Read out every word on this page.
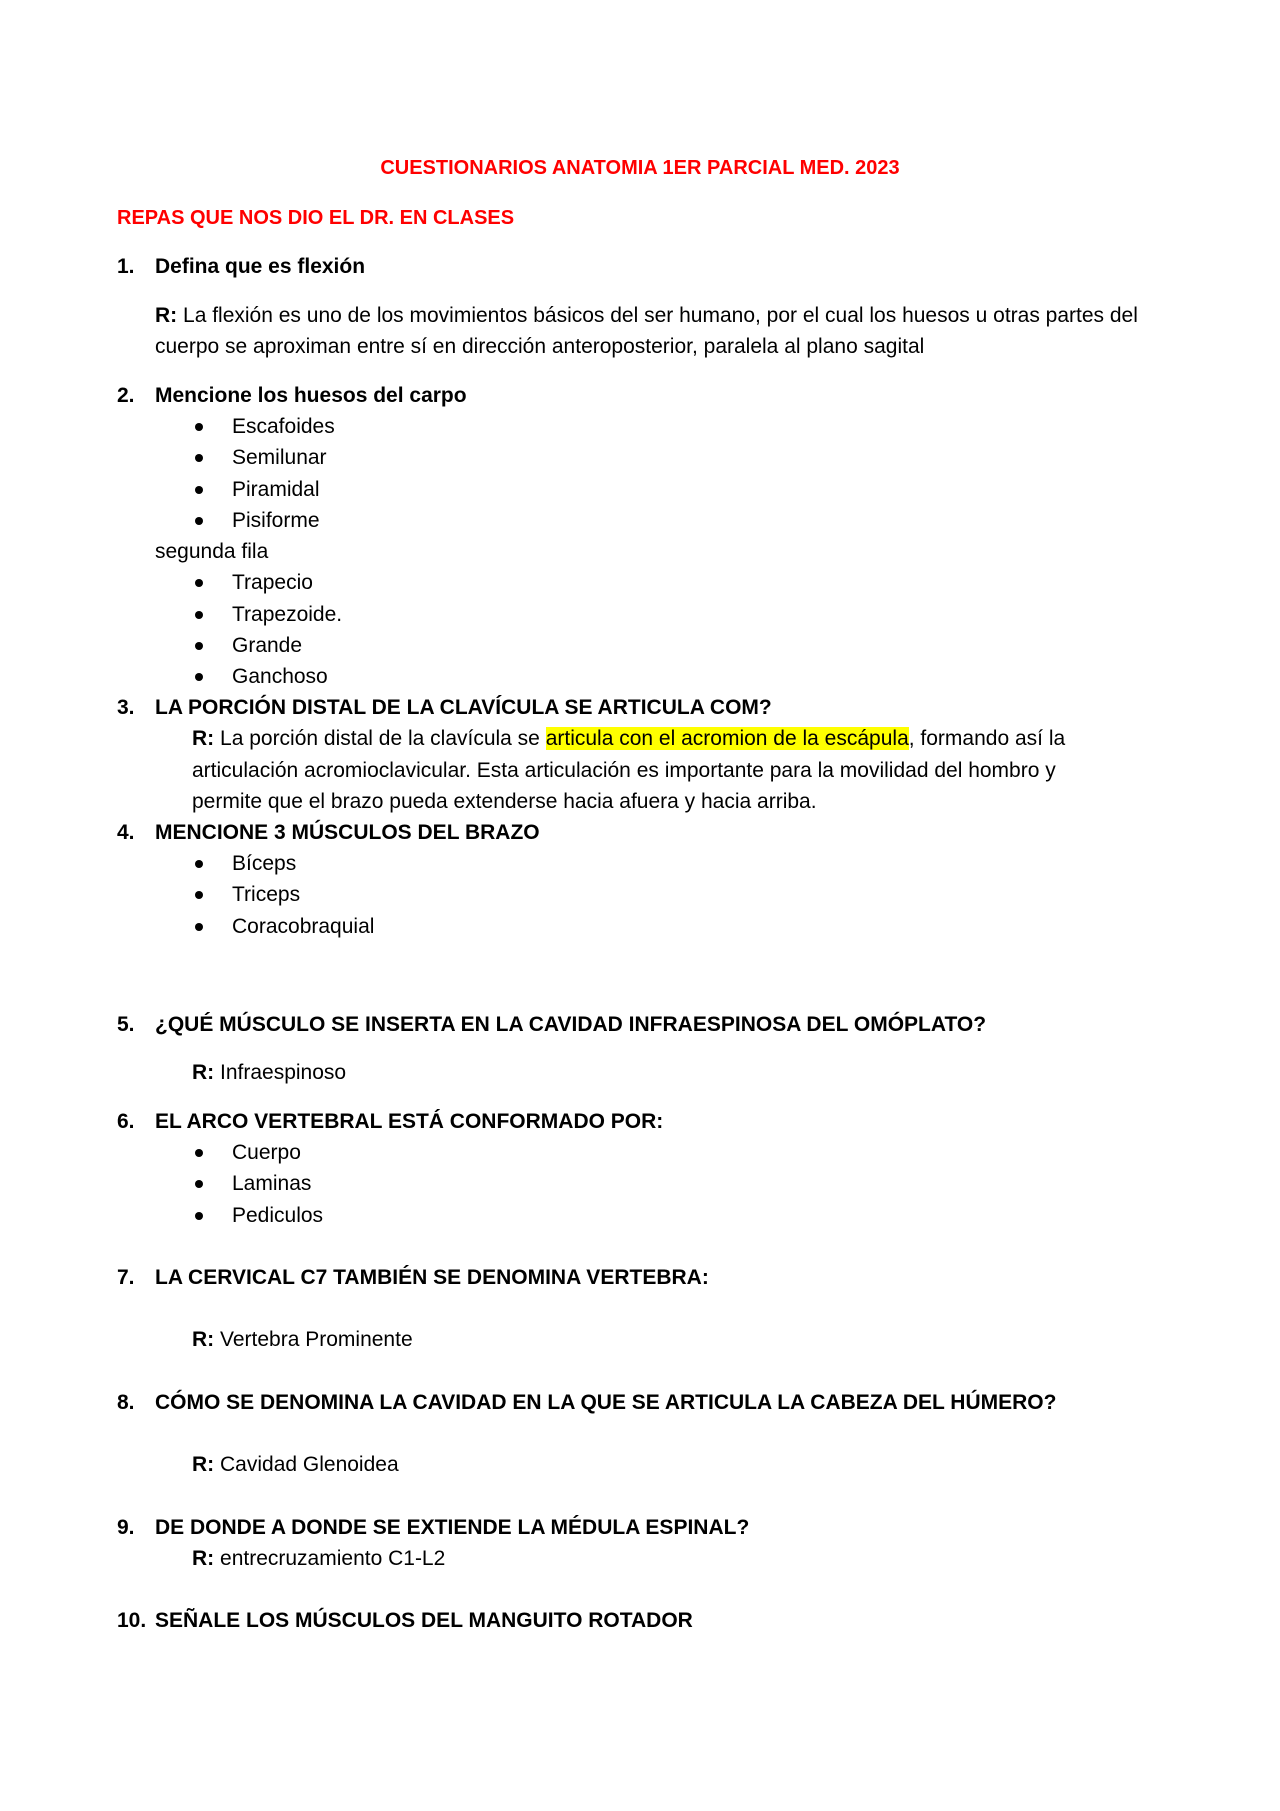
CUESTIONARIOS ANATOMIA 1ER PARCIAL MED. 2023
REPAS QUE NOS DIO EL DR. EN CLASES
1. Defina que es flexión
R: La flexión es uno de los movimientos básicos del ser humano, por el cual los huesos u otras partes del
cuerpo se aproximan entre sí en dirección anteroposterior, paralela al plano sagital
2. Mencione los huesos del carpo
Escafoides
Semilunar
Piramidal
Pisiforme
segunda fila
Trapecio
Trapezoide.
Grande
Ganchoso
3. LA PORCIÓN DISTAL DE LA CLAVÍCULA SE ARTICULA COM?
R: La porción distal de la clavícula se articula con el acromion de la escápula, formando así la
articulación acromioclavicular. Esta articulación es importante para la movilidad del hombro y
permite que el brazo pueda extenderse hacia afuera y hacia arriba.
4. MENCIONE 3 MÚSCULOS DEL BRAZO
Bíceps
Triceps
Coracobraquial
5. ¿QUÉ MÚSCULO SE INSERTA EN LA CAVIDAD INFRAESPINOSA DEL OMÓPLATO?
R: Infraespinoso
6. EL ARCO VERTEBRAL ESTÁ CONFORMADO POR:
Cuerpo
Laminas
Pediculos
7. LA CERVICAL C7 TAMBIÉN SE DENOMINA VERTEBRA:
R: Vertebra Prominente
8. CÓMO SE DENOMINA LA CAVIDAD EN LA QUE SE ARTICULA LA CABEZA DEL HÚMERO?
R: Cavidad Glenoidea
9. DE DONDE A DONDE SE EXTIENDE LA MÉDULA ESPINAL?
R: entrecruzamiento C1-L2
10. SEÑALE LOS MÚSCULOS DEL MANGUITO ROTADOR
